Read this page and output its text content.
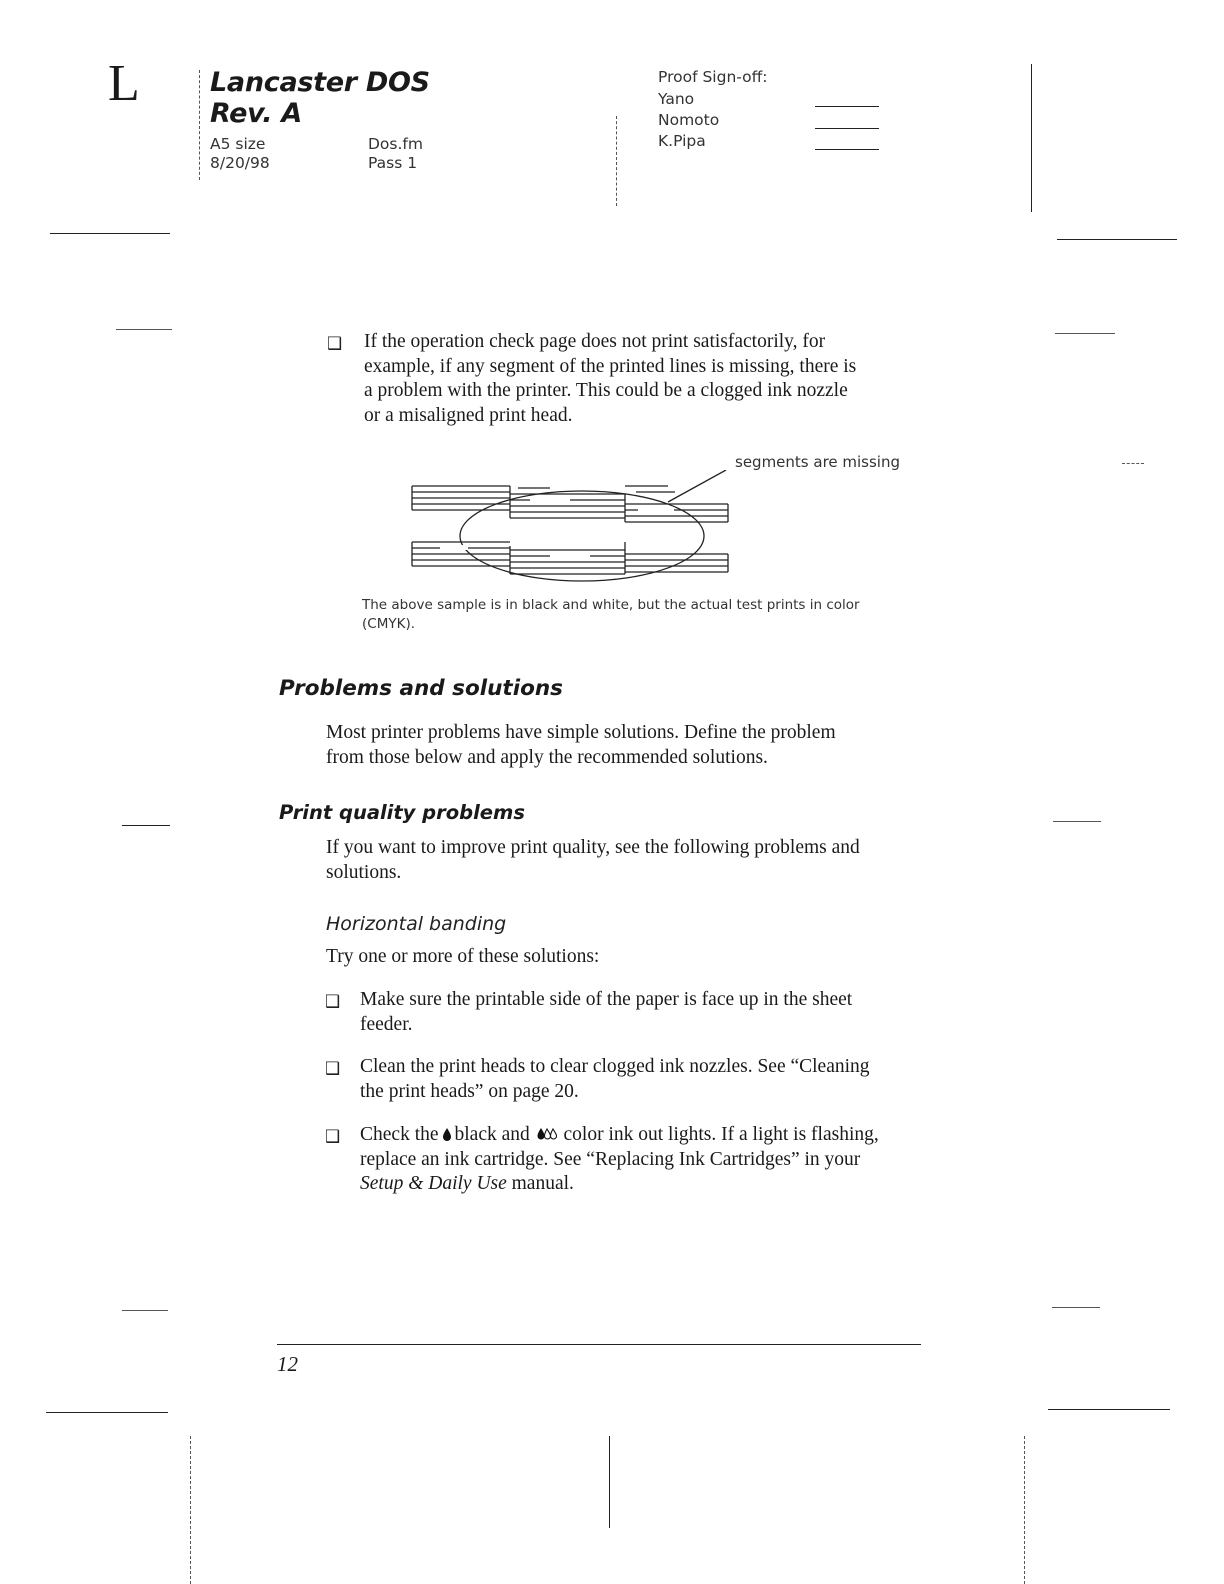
L	Lancaster DOS
Rev. A
A5 size
8/20/98
Dos.fm
Pass 1
Proof Sign-off:
Yano
Nomoto
K.Pipa
❑ If the operation check page does not print satisfactorily, for

example, if any segment of the printed lines is missing, there is

a problem with the printer. This could be a clogged ink nozzle

or a misaligned print head.

segments are missing
The above sample is in black and white, but the actual test prints in color
(CMYK).
Problems and solutions

Most printer problems have simple solutions. Define the problem

from those below and apply the recommended solutions.

Print quality problems

If you want to improve print quality, see the following problems and

solutions.

Horizontal banding
Try one or more of these solutions:
❑ Make sure the printable side of the paper is face up in the sheet

feeder.

❑ Clean the print heads to clear clogged ink nozzles. See “Cleaning

the print heads” on page 20.

❑ Check the black and color ink out lights. If a light is flashing,

replace an ink cartridge. See “Replacing Ink Cartridges” in your

Setup & Daily Use manual.

12
